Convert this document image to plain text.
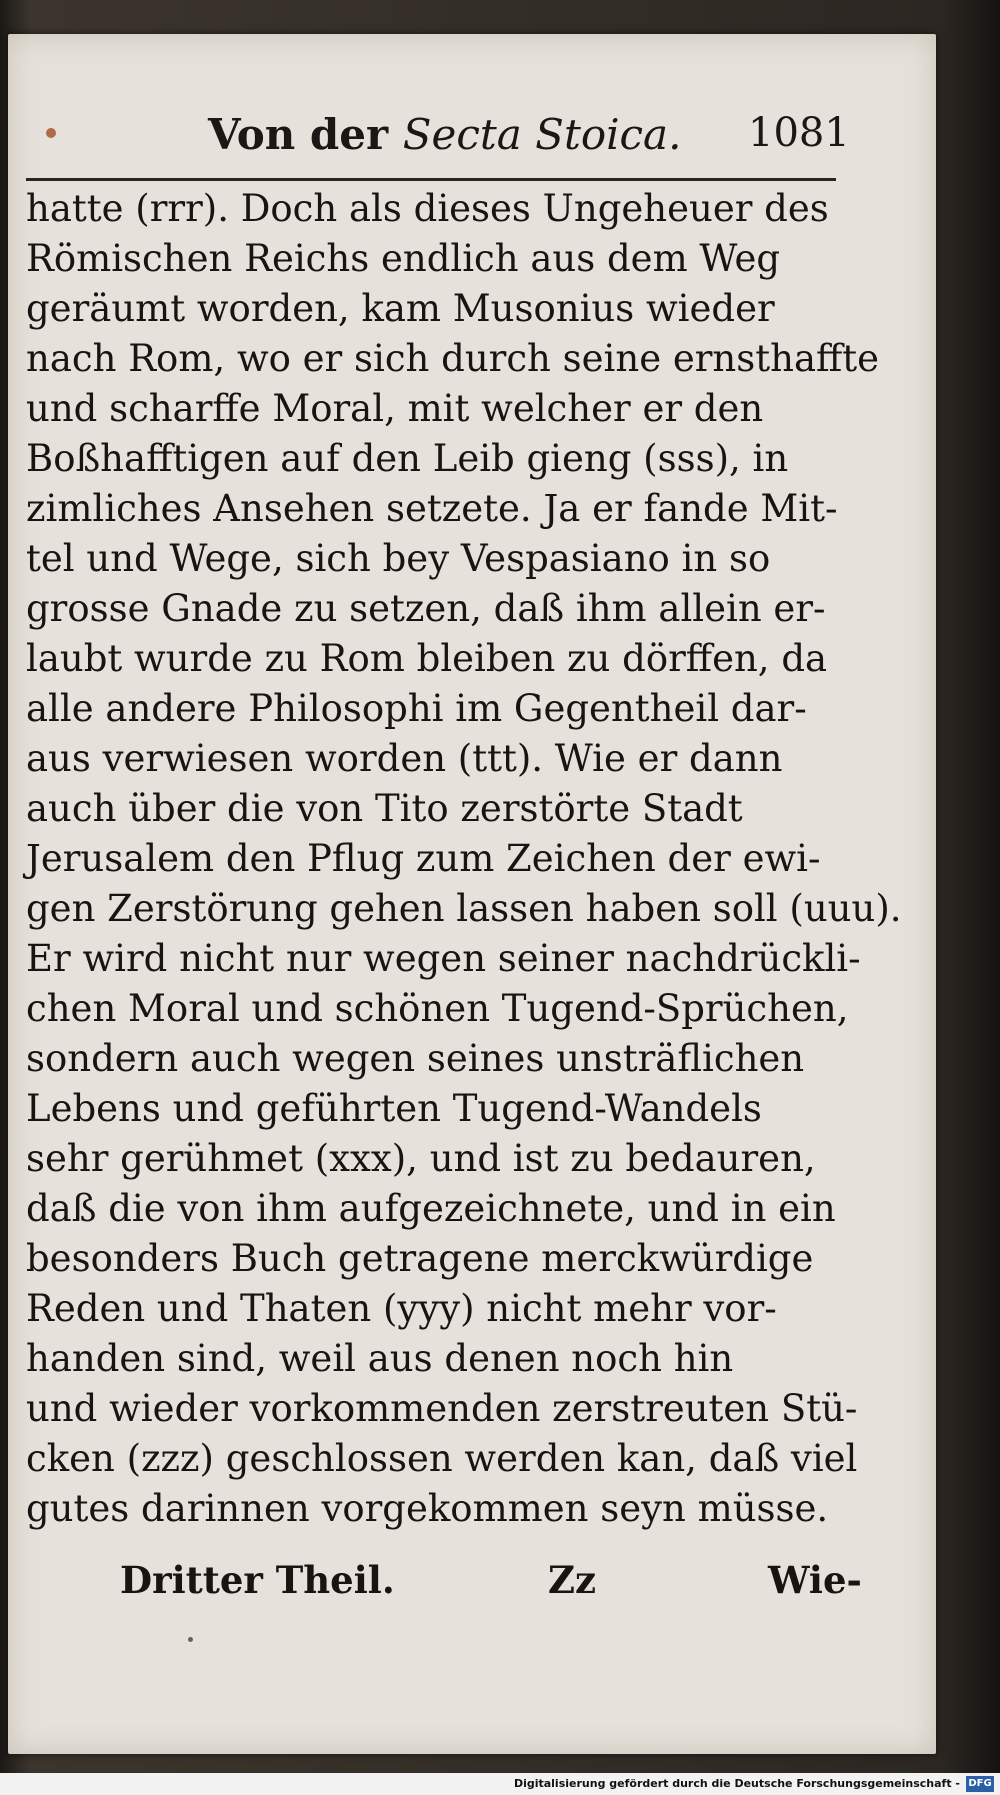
Von der Secta Stoica. 1081
hatte (rrr). Doch als dieses Ungeheuer des
Römischen Reichs endlich aus dem Weg
geräumt worden, kam Musonius wieder
nach Rom, wo er sich durch seine ernsthaffte
und scharffe Moral, mit welcher er den
Boßhafftigen auf den Leib gieng (sss), in
zimliches Ansehen setzete. Ja er fande Mit-
tel und Wege, sich bey Vespasiano in so
grosse Gnade zu setzen, daß ihm allein er-
laubt wurde zu Rom bleiben zu dörffen, da
alle andere Philosophi im Gegentheil dar-
aus verwiesen worden (ttt). Wie er dann
auch über die von Tito zerstörte Stadt
Jerusalem den Pflug zum Zeichen der ewi-
gen Zerstörung gehen lassen haben soll (uuu).
Er wird nicht nur wegen seiner nachdrückli-
chen Moral und schönen Tugend-Sprüchen,
sondern auch wegen seines unsträflichen
Lebens und geführten Tugend-Wandels
sehr gerühmet (xxx), und ist zu bedauren,
daß die von ihm aufgezeichnete, und in ein
besonders Buch getragene merckwürdige
Reden und Thaten (yyy) nicht mehr vor-
handen sind, weil aus denen noch hin
und wieder vorkommenden zerstreuten Stü-
cken (zzz) geschlossen werden kan, daß viel
gutes darinnen vorgekommen seyn müsse.
Dritter Theil.	Zz	Wie-
Digitalisierung gefördert durch die Deutsche Forschungsgemeinschaft - DFG
